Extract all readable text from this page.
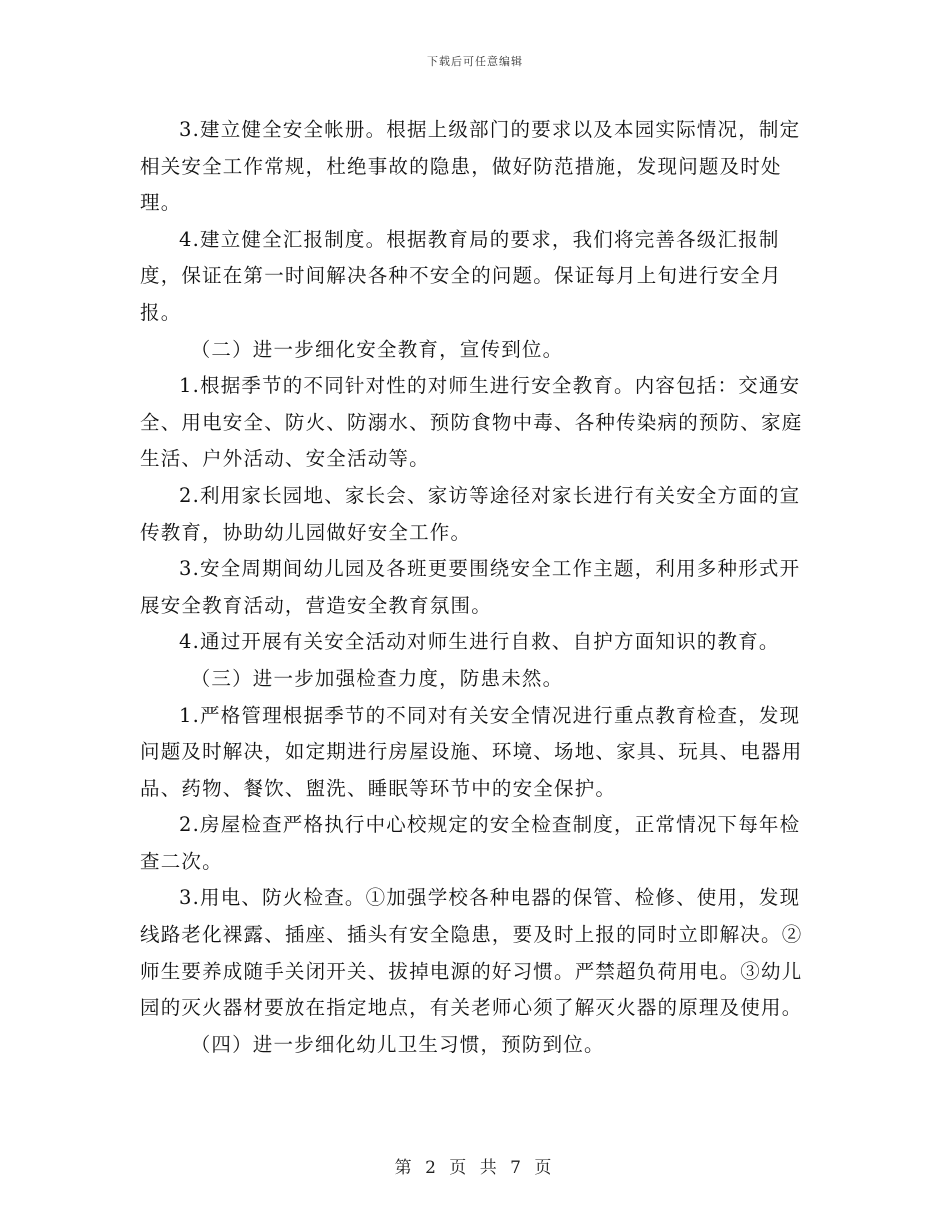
下载后可任意编辑

3.建立健全安全帐册。根据上级部门的要求以及本园实际情况，制定相关安全工作常规，杜绝事故的隐患，做好防范措施，发现问题及时处理。

4.建立健全汇报制度。根据教育局的要求，我们将完善各级汇报制度，保证在第一时间解决各种不安全的问题。保证每月上旬进行安全月报。

（二）进一步细化安全教育，宣传到位。

1.根据季节的不同针对性的对师生进行安全教育。内容包括：交通安全、用电安全、防火、防溺水、预防食物中毒、各种传染病的预防、家庭生活、户外活动、安全活动等。

2.利用家长园地、家长会、家访等途径对家长进行有关安全方面的宣传教育，协助幼儿园做好安全工作。

3.安全周期间幼儿园及各班更要围绕安全工作主题，利用多种形式开展安全教育活动，营造安全教育氛围。

4.通过开展有关安全活动对师生进行自救、自护方面知识的教育。

（三）进一步加强检查力度，防患未然。

1.严格管理根据季节的不同对有关安全情况进行重点教育检查，发现问题及时解决，如定期进行房屋设施、环境、场地、家具、玩具、电器用品、药物、餐饮、盥洗、睡眠等环节中的安全保护。

2.房屋检查严格执行中心校规定的安全检查制度，正常情况下每年检查二次。

3.用电、防火检查。①加强学校各种电器的保管、检修、使用，发现线路老化裸露、插座、插头有安全隐患，要及时上报的同时立即解决。②师生要养成随手关闭开关、拔掉电源的好习惯。严禁超负荷用电。③幼儿园的灭火器材要放在指定地点，有关老师心须了解灭火器的原理及使用。

（四）进一步细化幼儿卫生习惯，预防到位。

第 2 页 共 7 页
